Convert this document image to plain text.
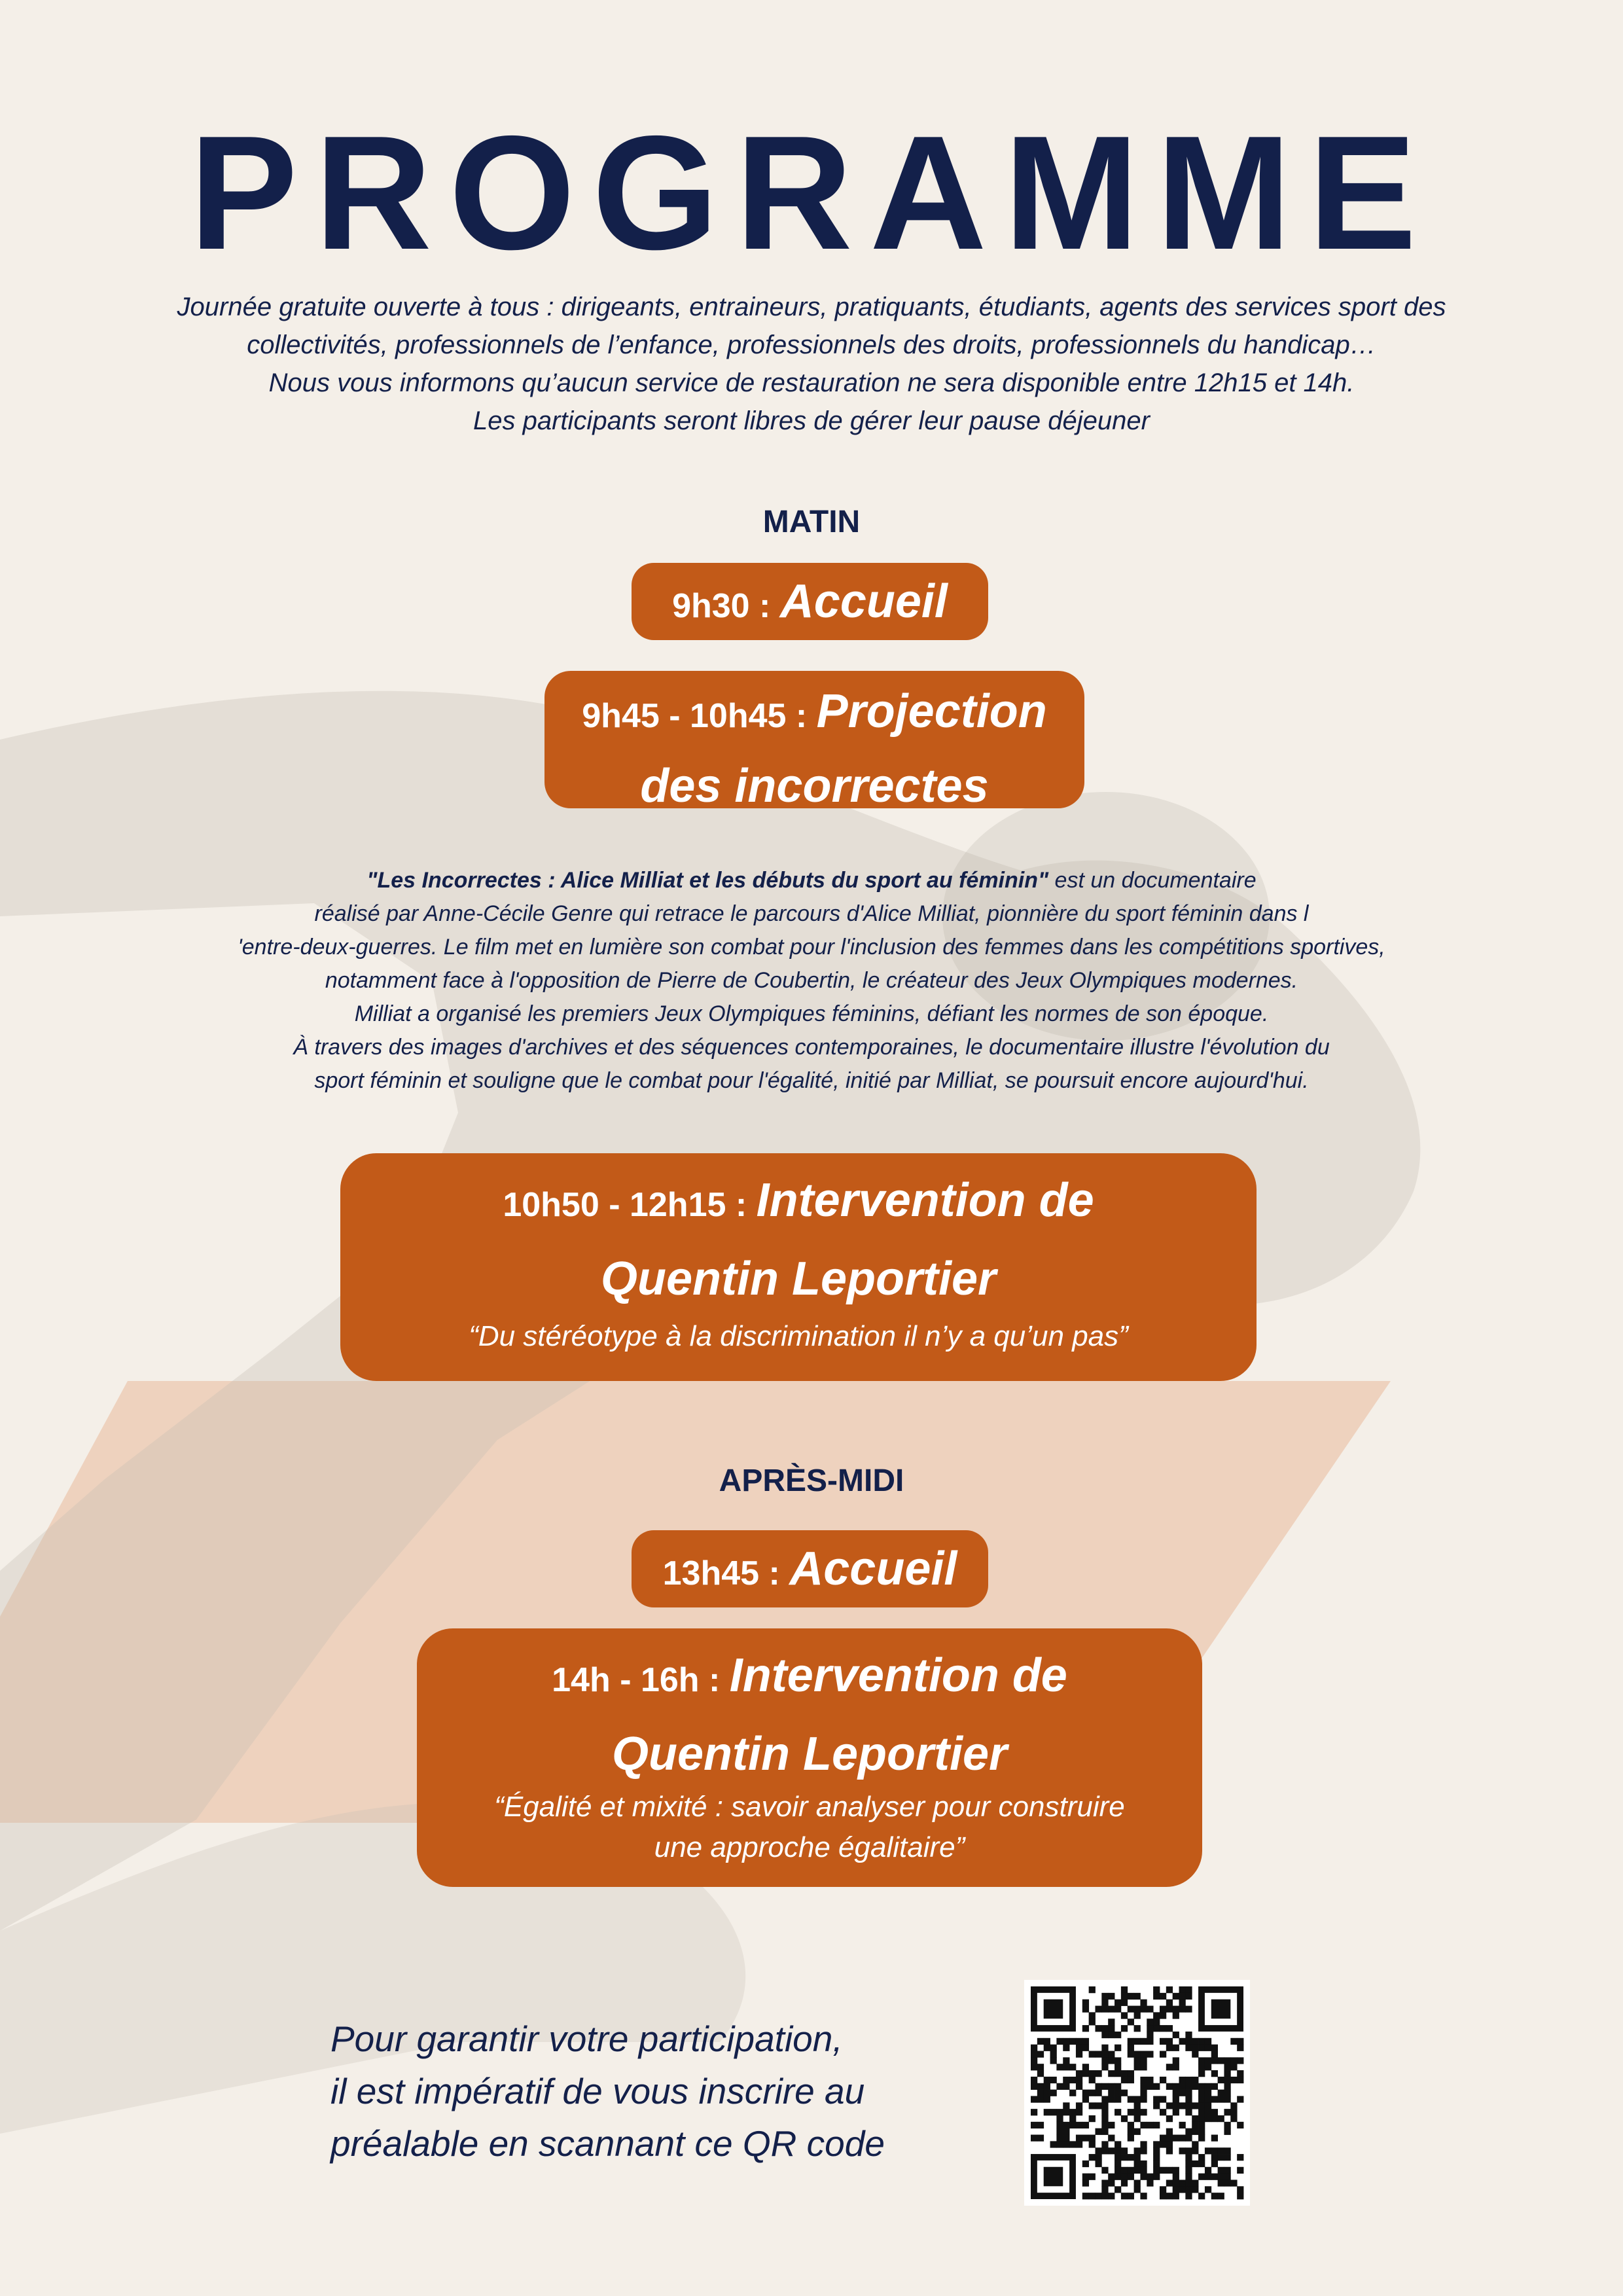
PROGRAMME
Journée gratuite ouverte à tous : dirigeants, entraineurs, pratiquants, étudiants, agents des services sport des
collectivités, professionnels de l’enfance, professionnels des droits, professionnels du handicap…
Nous vous informons qu’aucun service de restauration ne sera disponible entre 12h15 et 14h.
Les participants seront libres de gérer leur pause déjeuner
MATIN
9h30 : Accueil
9h45 - 10h45 : Projection
des incorrectes
"Les Incorrectes : Alice Milliat et les débuts du sport au féminin" est un documentaire
réalisé par Anne-Cécile Genre qui retrace le parcours d'Alice Milliat, pionnière du sport féminin dans l
'entre-deux-guerres. Le film met en lumière son combat pour l'inclusion des femmes dans les compétitions sportives,
notamment face à l'opposition de Pierre de Coubertin, le créateur des Jeux Olympiques modernes.
Milliat a organisé les premiers Jeux Olympiques féminins, défiant les normes de son époque.
À travers des images d'archives et des séquences contemporaines, le documentaire illustre l'évolution du
sport féminin et souligne que le combat pour l'égalité, initié par Milliat, se poursuit encore aujourd'hui.
10h50 - 12h15 : Intervention de
Quentin Leportier
“Du stéréotype à la discrimination il n’y a qu’un pas”
APRÈS-MIDI
13h45 : Accueil
14h - 16h : Intervention de
Quentin Leportier
“Égalité et mixité : savoir analyser pour construire
une approche égalitaire”
Pour garantir votre participation,
il est impératif de vous inscrire au
préalable en scannant ce QR code
